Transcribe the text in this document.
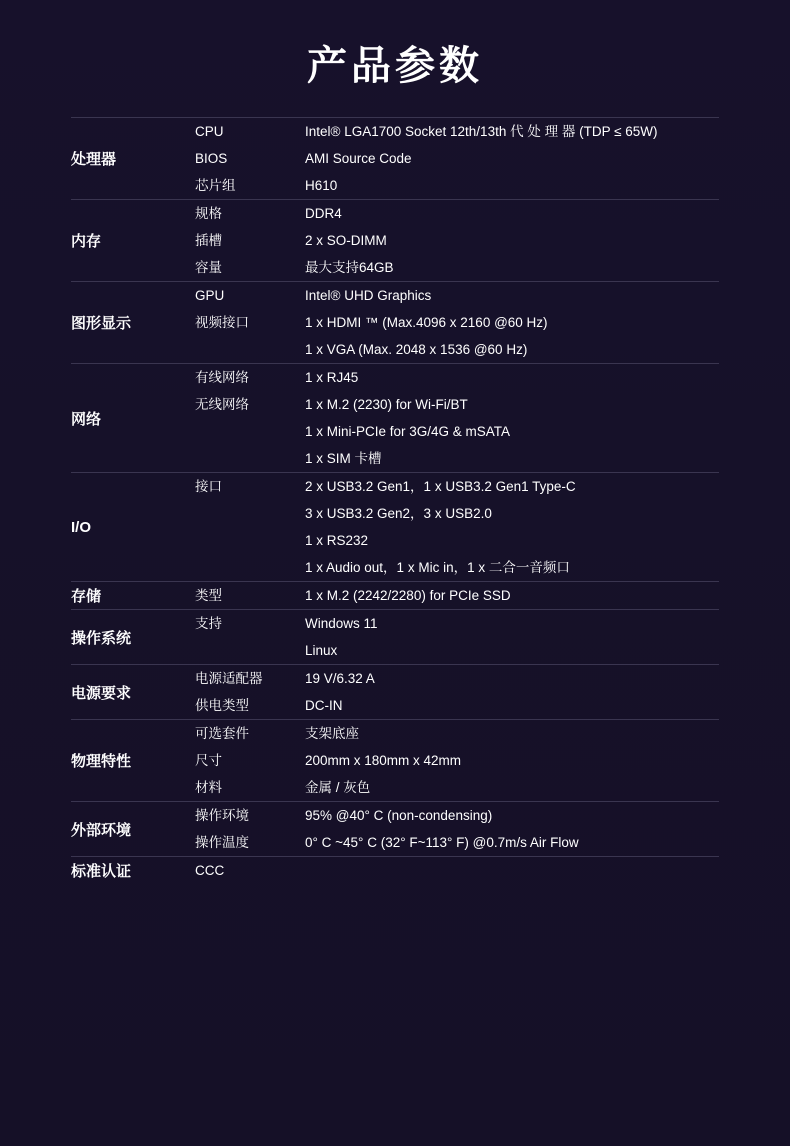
产品参数
处理器	
CPU	Intel® LGA1700 Socket 12th/13th 代 处 理 器 (TDP ≤ 65W)

BIOS	AMI Source Code

芯片组	H610

内存	
规格	DDR4

插槽	2 x SO-DIMM

容量	最大支持64GB

图形显示	
GPU	Intel® UHD Graphics

视频接口	1 x HDMI ™ (Max.4096 x 2160 @60 Hz)
1 x VGA (Max. 2048 x 1536 @60 Hz)

网络	
有线网络	1 x RJ45

无线网络	1 x M.2 (2230) for Wi-Fi/BT
1 x Mini-PCIe for 3G/4G & mSATA
1 x SIM 卡槽

I/O	
接口	2 x USB3.2 Gen1，1 x USB3.2 Gen1 Type-C
3 x USB3.2 Gen2，3 x USB2.0
1 x RS232
1 x Audio out，1 x Mic in，1 x 二合一音频口

存储		类型	1 x M.2 (2242/2280) for PCIe SSD

操作系统	
支持	Windows 11
Linux

电源要求	
电源适配器	19 V/6.32 A

供电类型	DC-IN

物理特性	
可选套件	支架底座

尺寸	200mm x 180mm x 42mm

材料	金属 / 灰色

外部环境	
操作环境	95% @40° C (non-condensing)

操作温度	0° C ~45° C (32° F~113° F) @0.7m/s Air Flow

标准认证		CCC	
